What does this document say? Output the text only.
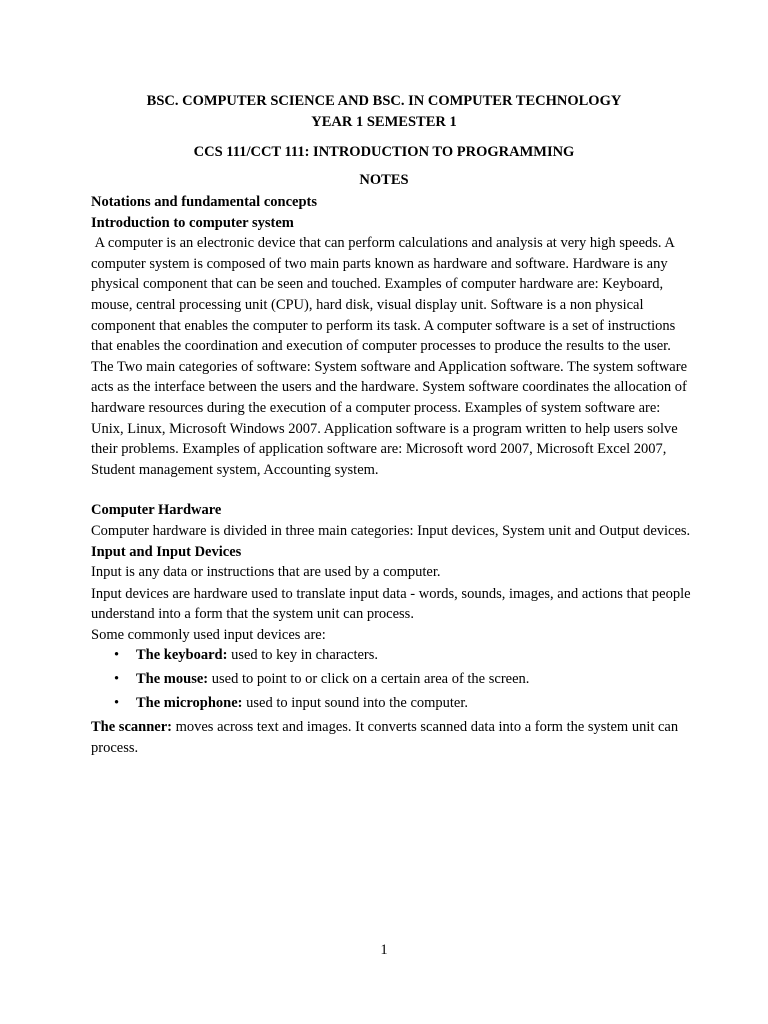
BSC. COMPUTER SCIENCE AND BSC. IN COMPUTER TECHNOLOGY
YEAR 1 SEMESTER 1
CCS 111/CCT 111: INTRODUCTION TO PROGRAMMING
NOTES

Notations and fundamental concepts

Introduction to computer system

A computer is an electronic device that can perform calculations and analysis at very high speeds. A computer system is composed of two main parts known as hardware and software. Hardware is any physical component that can be seen and touched. Examples of computer hardware are: Keyboard, mouse, central processing unit (CPU), hard disk, visual display unit. Software is a non physical component that enables the computer to perform its task. A computer software is a set of instructions that enables the coordination and execution of computer processes to produce the results to the user. The Two main categories of software: System software and Application software. The system software acts as the interface between the users and the hardware. System software coordinates the allocation of hardware resources during the execution of a computer process. Examples of system software are: Unix, Linux, Microsoft Windows 2007. Application software is a program written to help users solve their problems. Examples of application software are: Microsoft word 2007, Microsoft Excel 2007, Student management system, Accounting system.

Computer Hardware

Computer hardware is divided in three main categories: Input devices, System unit and Output devices.

Input and Input Devices

Input is any data or instructions that are used by a computer.

Input devices are hardware used to translate input data - words, sounds, images, and actions that people understand into a form that the system unit can process.

Some commonly used input devices are:

• The keyboard: used to key in characters.
• The mouse: used to point to or click on a certain area of the screen.
• The microphone: used to input sound into the computer.

The scanner: moves across text and images. It converts scanned data into a form the system unit can process.

1
